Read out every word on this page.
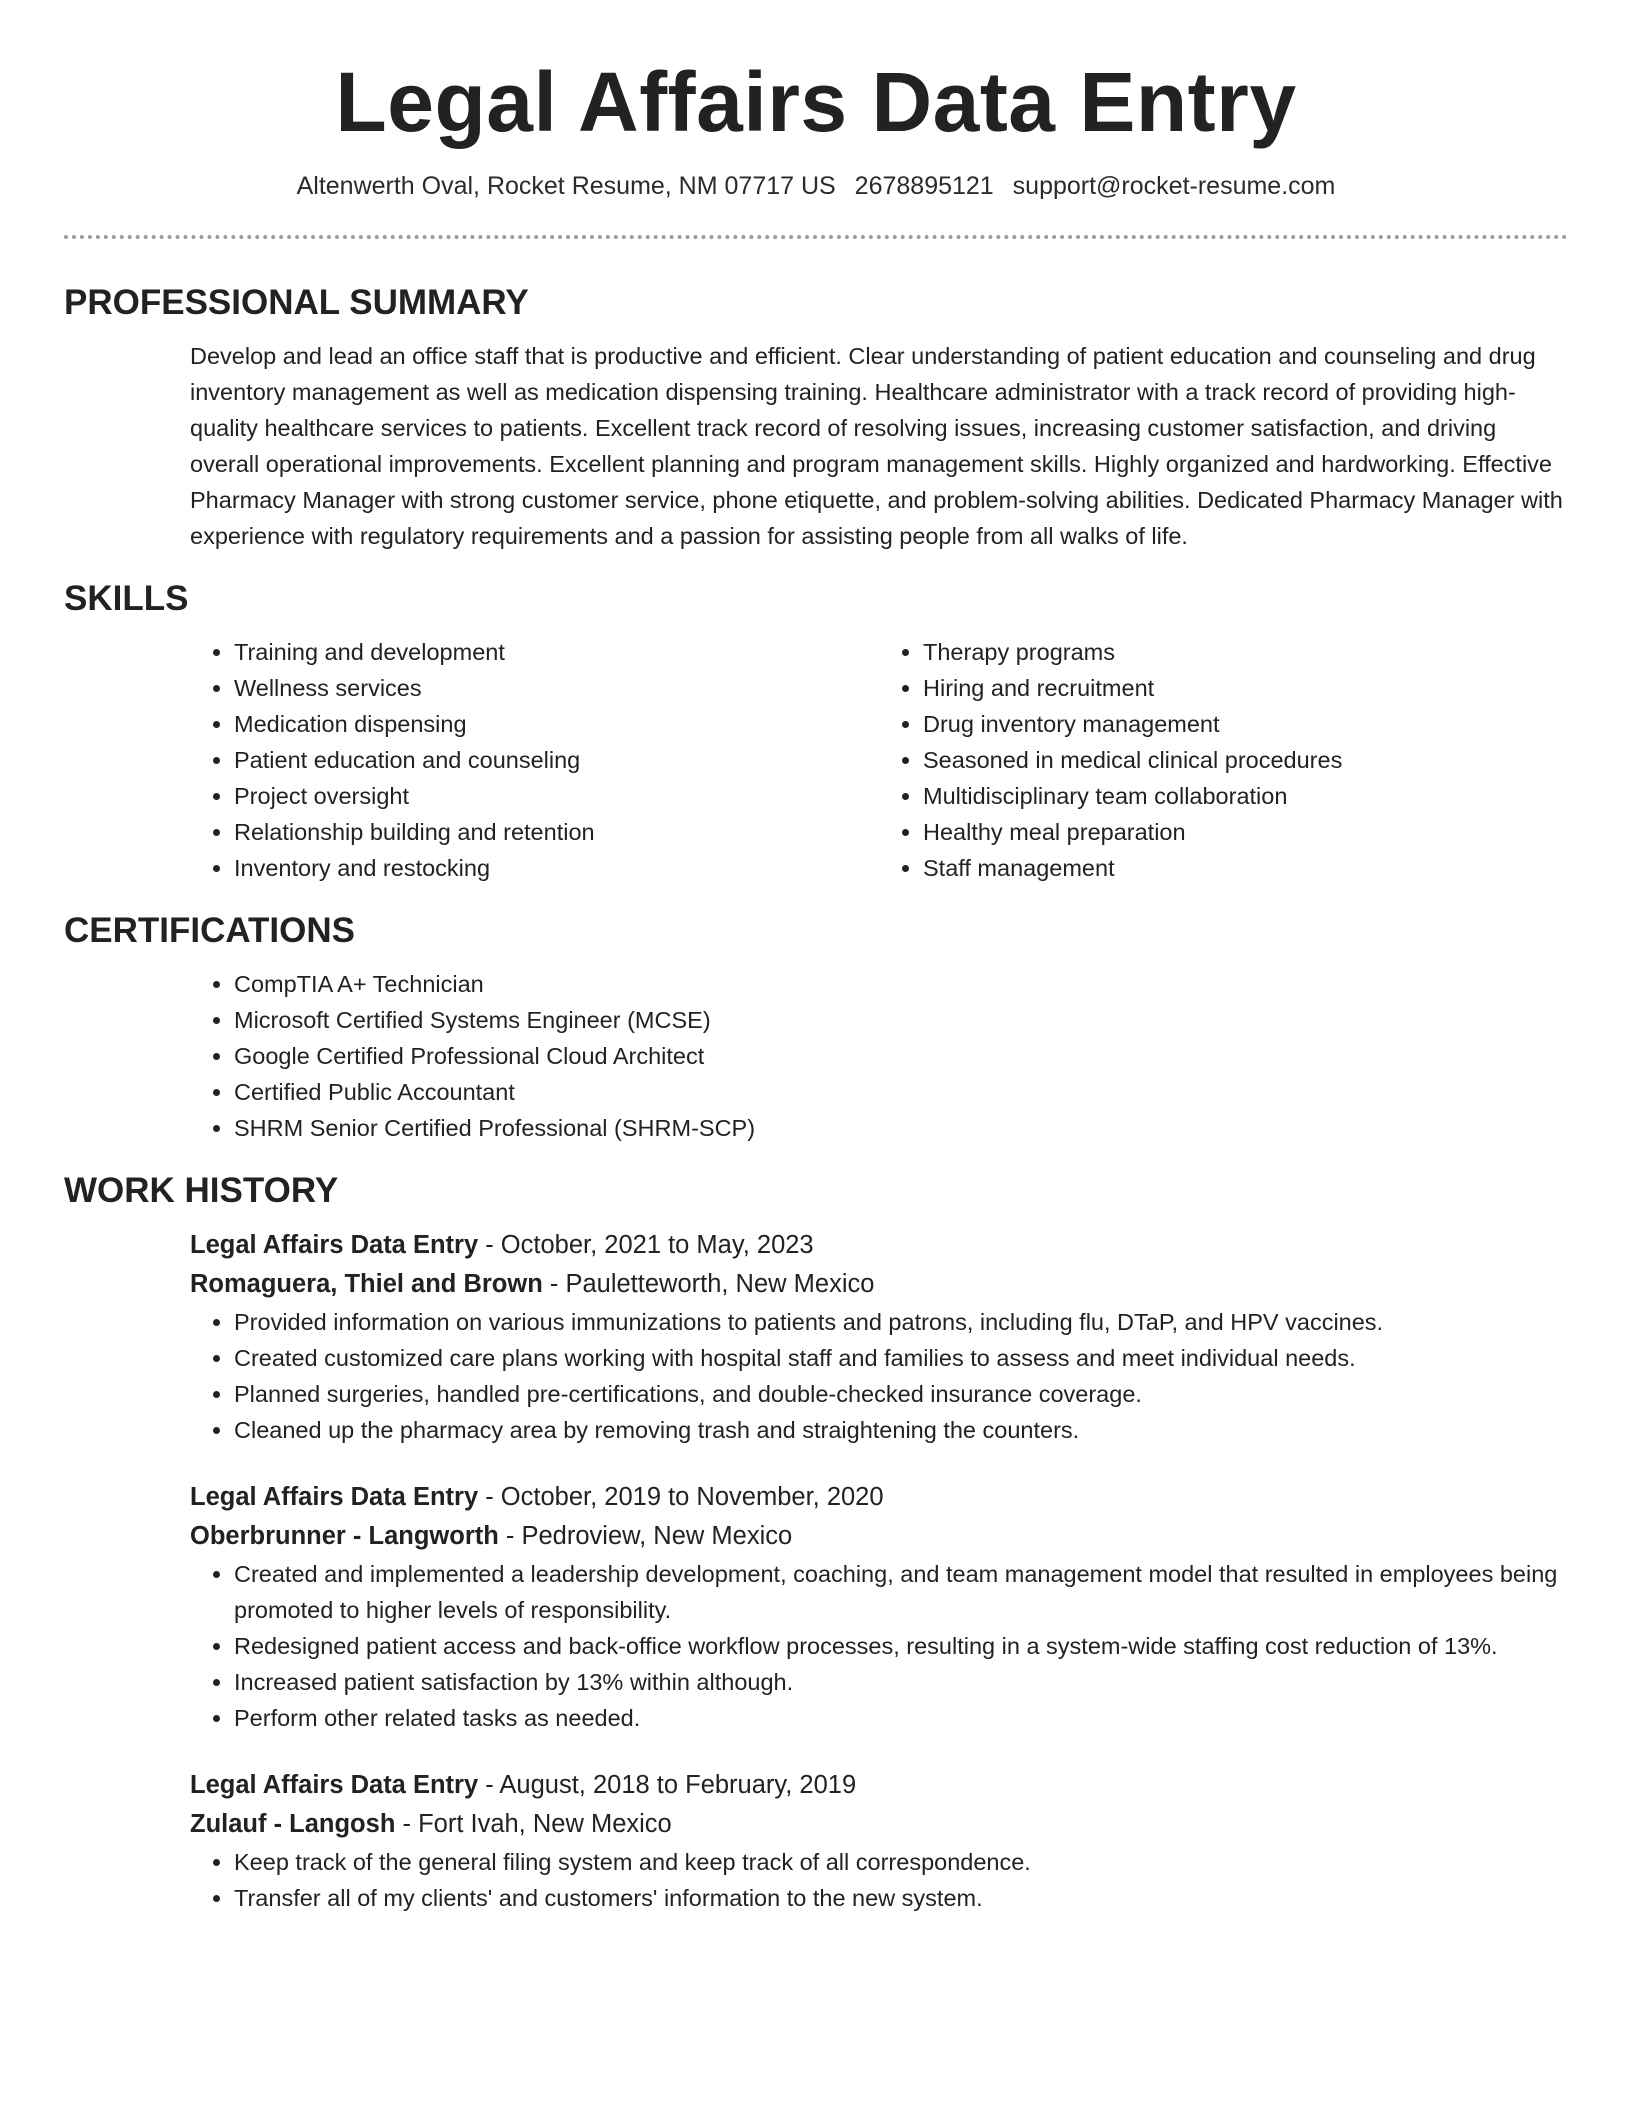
Legal Affairs Data Entry
Altenwerth Oval, Rocket Resume, NM 07717 US 2678895121 support@rocket-resume.com
PROFESSIONAL SUMMARY

Develop and lead an office staff that is productive and efficient. Clear understanding of patient education and counseling and drug inventory management as well as medication dispensing training. Healthcare administrator with a track record of providing high-quality healthcare services to patients. Excellent track record of resolving issues, increasing customer satisfaction, and driving overall operational improvements. Excellent planning and program management skills. Highly organized and hardworking. Effective Pharmacy Manager with strong customer service, phone etiquette, and problem-solving abilities. Dedicated Pharmacy Manager with experience with regulatory requirements and a passion for assisting people from all walks of life.

SKILLS
• Training and development
• Wellness services
• Medication dispensing
• Patient education and counseling
• Project oversight
• Relationship building and retention
• Inventory and restocking
• Therapy programs
• Hiring and recruitment
• Drug inventory management
• Seasoned in medical clinical procedures
• Multidisciplinary team collaboration
• Healthy meal preparation
• Staff management
CERTIFICATIONS
• CompTIA A+ Technician
• Microsoft Certified Systems Engineer (MCSE)
• Google Certified Professional Cloud Architect
• Certified Public Accountant
• SHRM Senior Certified Professional (SHRM-SCP)
WORK HISTORY
Legal Affairs Data Entry - October, 2021 to May, 2023
Romaguera, Thiel and Brown - Pauletteworth, New Mexico
• Provided information on various immunizations to patients and patrons, including flu, DTaP, and HPV vaccines.
• Created customized care plans working with hospital staff and families to assess and meet individual needs.
• Planned surgeries, handled pre-certifications, and double-checked insurance coverage.
• Cleaned up the pharmacy area by removing trash and straightening the counters.
Legal Affairs Data Entry - October, 2019 to November, 2020
Oberbrunner - Langworth - Pedroview, New Mexico
• Created and implemented a leadership development, coaching, and team management model that resulted in employees being promoted to higher levels of responsibility.
• Redesigned patient access and back-office workflow processes, resulting in a system-wide staffing cost reduction of 13%.
• Increased patient satisfaction by 13% within although.
• Perform other related tasks as needed.
Legal Affairs Data Entry - August, 2018 to February, 2019
Zulauf - Langosh - Fort Ivah, New Mexico
• Keep track of the general filing system and keep track of all correspondence.
• Transfer all of my clients' and customers' information to the new system.
